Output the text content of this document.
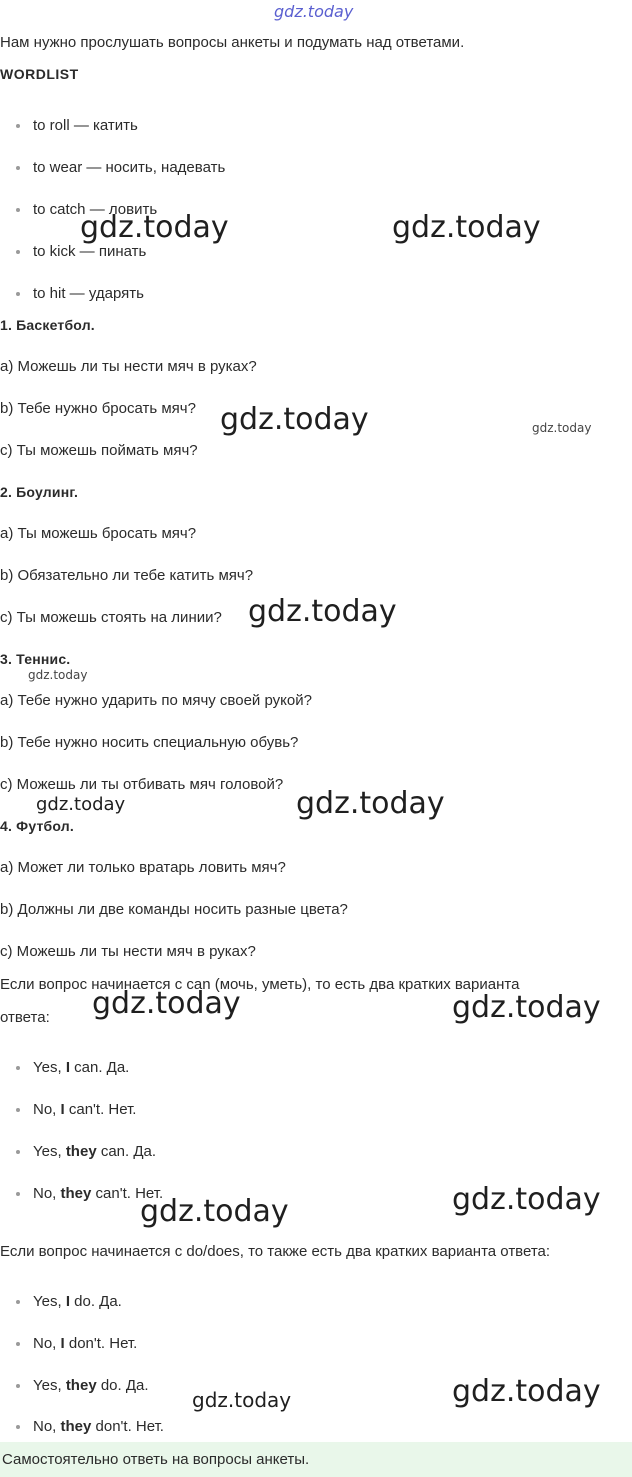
gdz.today
Нам нужно прослушать вопросы анкеты и подумать над ответами.
WORDLIST
to roll — катить
to wear — носить, надевать
to catch — ловить
to kick — пинать
to hit — ударять
1. Баскетбол.
a) Можешь ли ты нести мяч в руках?
b) Тебе нужно бросать мяч?
c) Ты можешь поймать мяч?
2. Боулинг.
a) Ты можешь бросать мяч?
b) Обязательно ли тебе катить мяч?
c) Ты можешь стоять на линии?
3. Теннис.
a) Тебе нужно ударить по мячу своей рукой?
b) Тебе нужно носить специальную обувь?
c) Можешь ли ты отбивать мяч головой?
4. Футбол.
a) Может ли только вратарь ловить мяч?
b) Должны ли две команды носить разные цвета?
c) Можешь ли ты нести мяч в руках?
Если вопрос начинается с can (мочь, уметь), то есть два кратких варианта
ответа:
Yes, I can. Да.
No, I can't. Нет.
Yes, they can. Да.
No, they can't. Нет.
Если вопрос начинается с do/does, то также есть два кратких варианта ответа:
Yes, I do. Да.
No, I don't. Нет.
Yes, they do. Да.
No, they don't. Нет.
Самостоятельно ответь на вопросы анкеты.
gdz.today	gdz.today
gdz.today	gdz.today
gdz.today
gdz.today
gdz.today	gdz.today
gdz.today	gdz.today
gdz.today	gdz.today
gdz.today	gdz.today
